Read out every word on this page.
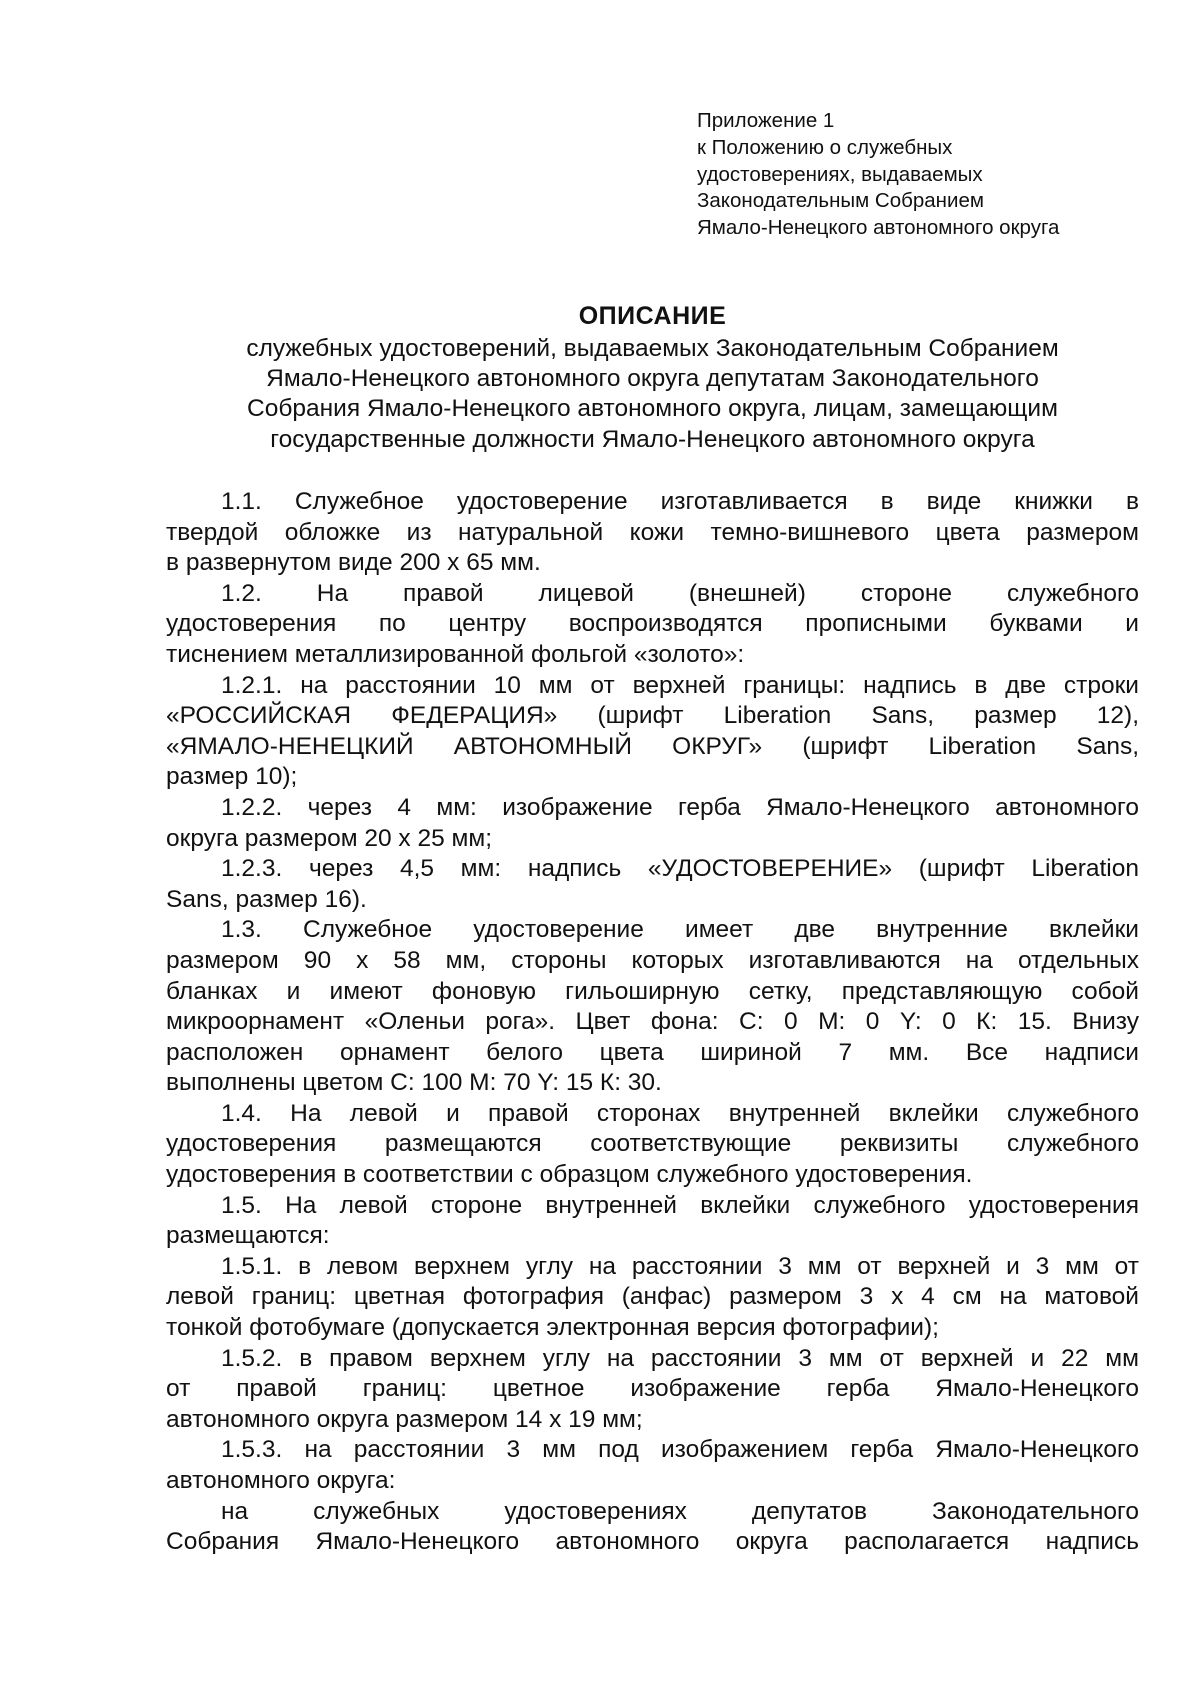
Приложение 1
к Положению о служебных
удостоверениях, выдаваемых
Законодательным Собранием
Ямало-Ненецкого автономного округа
ОПИСАНИЕ
служебных удостоверений, выдаваемых Законодательным Собранием
Ямало-Ненецкого автономного округа депутатам Законодательного
Собрания Ямало-Ненецкого автономного округа, лицам, замещающим
государственные должности Ямало-Ненецкого автономного округа
1.1. Служебное удостоверение изготавливается в виде книжки в
твердой обложке из натуральной кожи темно-вишневого цвета размером
в развернутом виде 200 х 65 мм.
1.2. На правой лицевой (внешней) стороне служебного
удостоверения по центру воспроизводятся прописными буквами и
тиснением металлизированной фольгой «золото»:
1.2.1. на расстоянии 10 мм от верхней границы: надпись в две строки
«РОССИЙСКАЯ ФЕДЕРАЦИЯ» (шрифт Liberation Sans, размер 12),
«ЯМАЛО-НЕНЕЦКИЙ АВТОНОМНЫЙ ОКРУГ» (шрифт Liberation Sans,
размер 10);
1.2.2. через 4 мм: изображение герба Ямало-Ненецкого автономного
округа размером 20 х 25 мм;
1.2.3. через 4,5 мм: надпись «УДОСТОВЕРЕНИЕ» (шрифт Liberation
Sans, размер 16).
1.3. Служебное удостоверение имеет две внутренние вклейки
размером 90 х 58 мм, стороны которых изготавливаются на отдельных
бланках и имеют фоновую гильоширную сетку, представляющую собой
микроорнамент «Оленьи рога». Цвет фона: С: 0 М: 0 Y: 0 К: 15. Внизу
расположен орнамент белого цвета шириной 7 мм. Все надписи
выполнены цветом С: 100 М: 70 Y: 15 К: 30.
1.4. На левой и правой сторонах внутренней вклейки служебного
удостоверения размещаются соответствующие реквизиты служебного
удостоверения в соответствии с образцом служебного удостоверения.
1.5. На левой стороне внутренней вклейки служебного удостоверения
размещаются:
1.5.1. в левом верхнем углу на расстоянии 3 мм от верхней и 3 мм от
левой границ: цветная фотография (анфас) размером 3 х 4 см на матовой
тонкой фотобумаге (допускается электронная версия фотографии);
1.5.2. в правом верхнем углу на расстоянии 3 мм от верхней и 22 мм
от правой границ: цветное изображение герба Ямало-Ненецкого
автономного округа размером 14 х 19 мм;
1.5.3. на расстоянии 3 мм под изображением герба Ямало-Ненецкого
автономного округа:
на служебных удостоверениях депутатов Законодательного
Собрания Ямало-Ненецкого автономного округа располагается надпись
